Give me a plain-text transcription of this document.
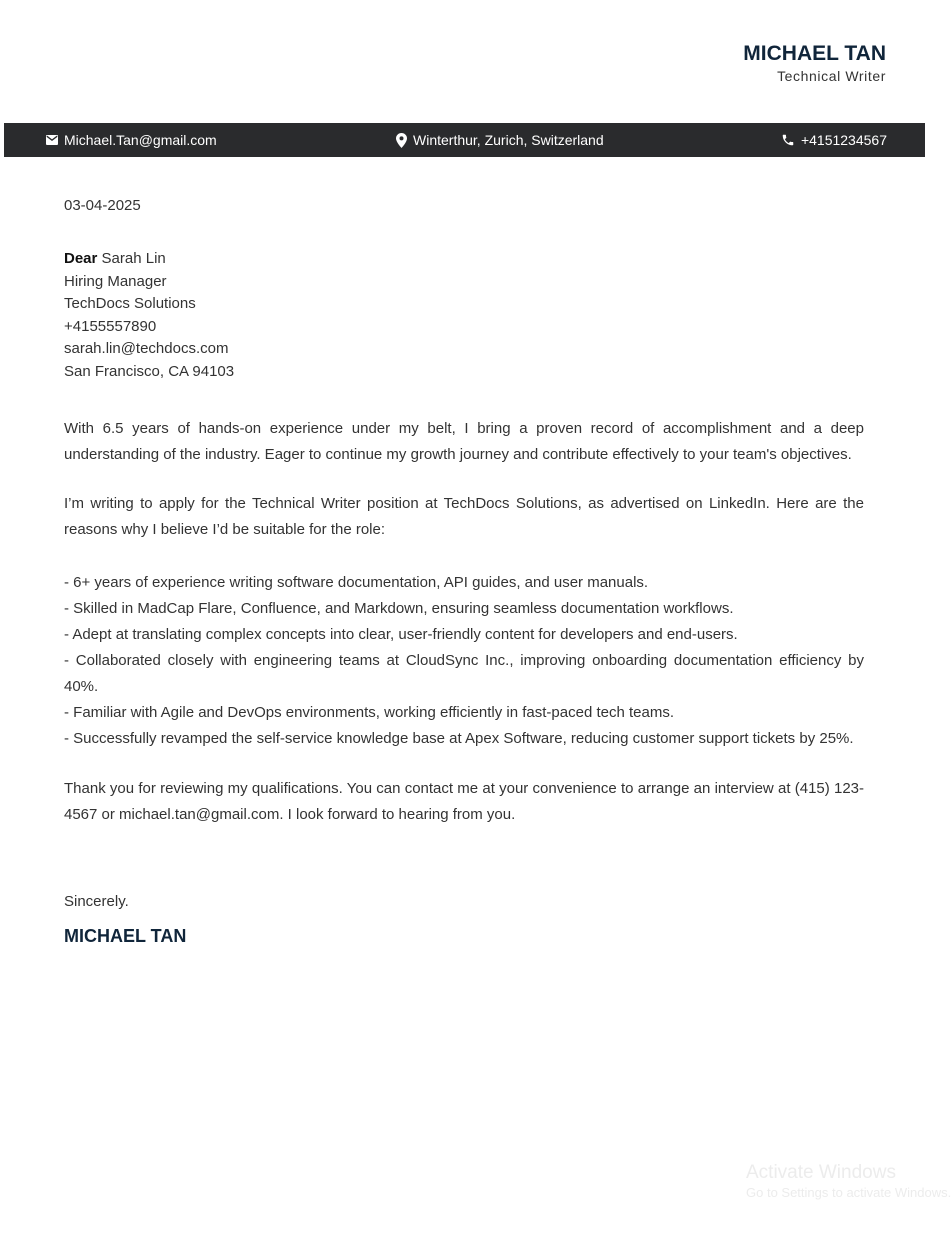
MICHAEL TAN
Technical Writer
Michael.Tan@gmail.com	Winterthur, Zurich, Switzerland	+4151234567
03-04-2025
Dear Sarah Lin
Hiring Manager
TechDocs Solutions
+4155557890
sarah.lin@techdocs.com
San Francisco, CA 94103

With 6.5 years of hands-on experience under my belt, I bring a proven record of accomplishment and a deep understanding of the industry. Eager to continue my growth journey and contribute effectively to your team's objectives.

I’m writing to apply for the Technical Writer position at TechDocs Solutions, as advertised on LinkedIn. Here are the reasons why I believe I’d be suitable for the role:

- 6+ years of experience writing software documentation, API guides, and user manuals.
- Skilled in MadCap Flare, Confluence, and Markdown, ensuring seamless documentation workflows.
- Adept at translating complex concepts into clear, user-friendly content for developers and end-users.
- Collaborated closely with engineering teams at CloudSync Inc., improving onboarding documentation efficiency by 40%.
- Familiar with Agile and DevOps environments, working efficiently in fast-paced tech teams.
- Successfully revamped the self-service knowledge base at Apex Software, reducing customer support tickets by 25%.

Thank you for reviewing my qualifications. You can contact me at your convenience to arrange an interview at (415) 123-4567 or michael.tan@gmail.com. I look forward to hearing from you.

Sincerely.
MICHAEL TAN
Activate Windows
Go to Settings to activate Windows.
